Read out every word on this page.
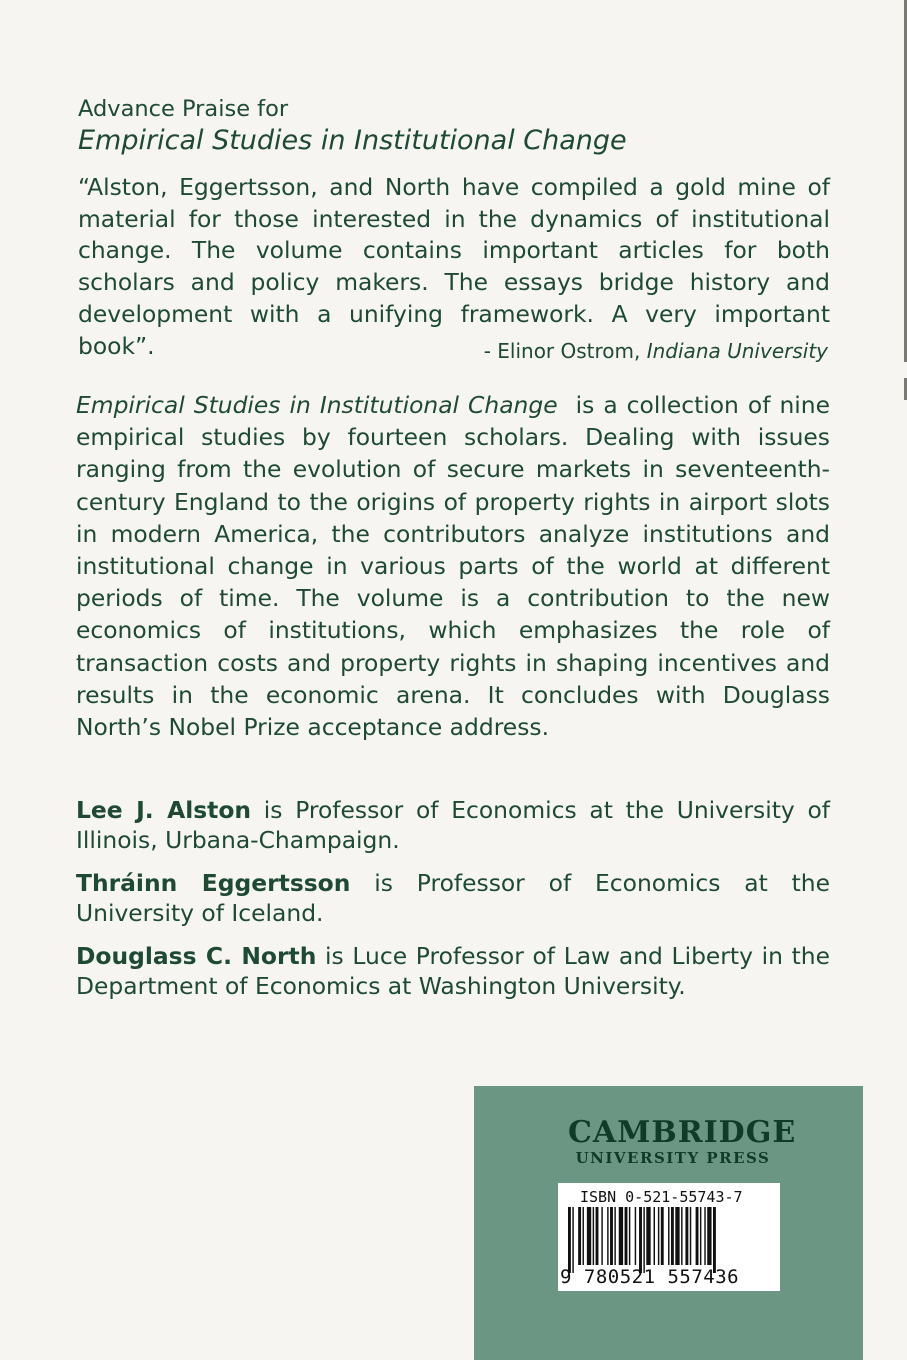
Advance Praise for
Empirical Studies in Institutional Change
“Alston, Eggertsson, and North have compiled a gold mine of material for those interested in the dynamics of institutional change. The volume contains important articles for both scholars and policy makers. The essays bridge history and development with a unifying framework. A very important book”.	- Elinor Ostrom, Indiana University
Empirical Studies in Institutional Change is a collection of nine empirical studies by fourteen scholars. Dealing with issues ranging from the evolution of secure markets in seventeenth-century England to the origins of property rights in airport slots in modern America, the contributors analyze institutions and institutional change in various parts of the world at different periods of time. The volume is a contribution to the new economics of institutions, which emphasizes the role of transaction costs and property rights in shaping incentives and results in the economic arena. It concludes with Douglass North’s Nobel Prize acceptance address.
Lee J. Alston is Professor of Economics at the University of Illinois, Urbana-Champaign.
Thráinn Eggertsson is Professor of Economics at the University of Iceland.
Douglass C. North is Luce Professor of Law and Liberty in the Department of Economics at Washington University.
CAMBRIDGE
UNIVERSITY PRESS
ISBN 0-521-55743-7
9 780521 557436
